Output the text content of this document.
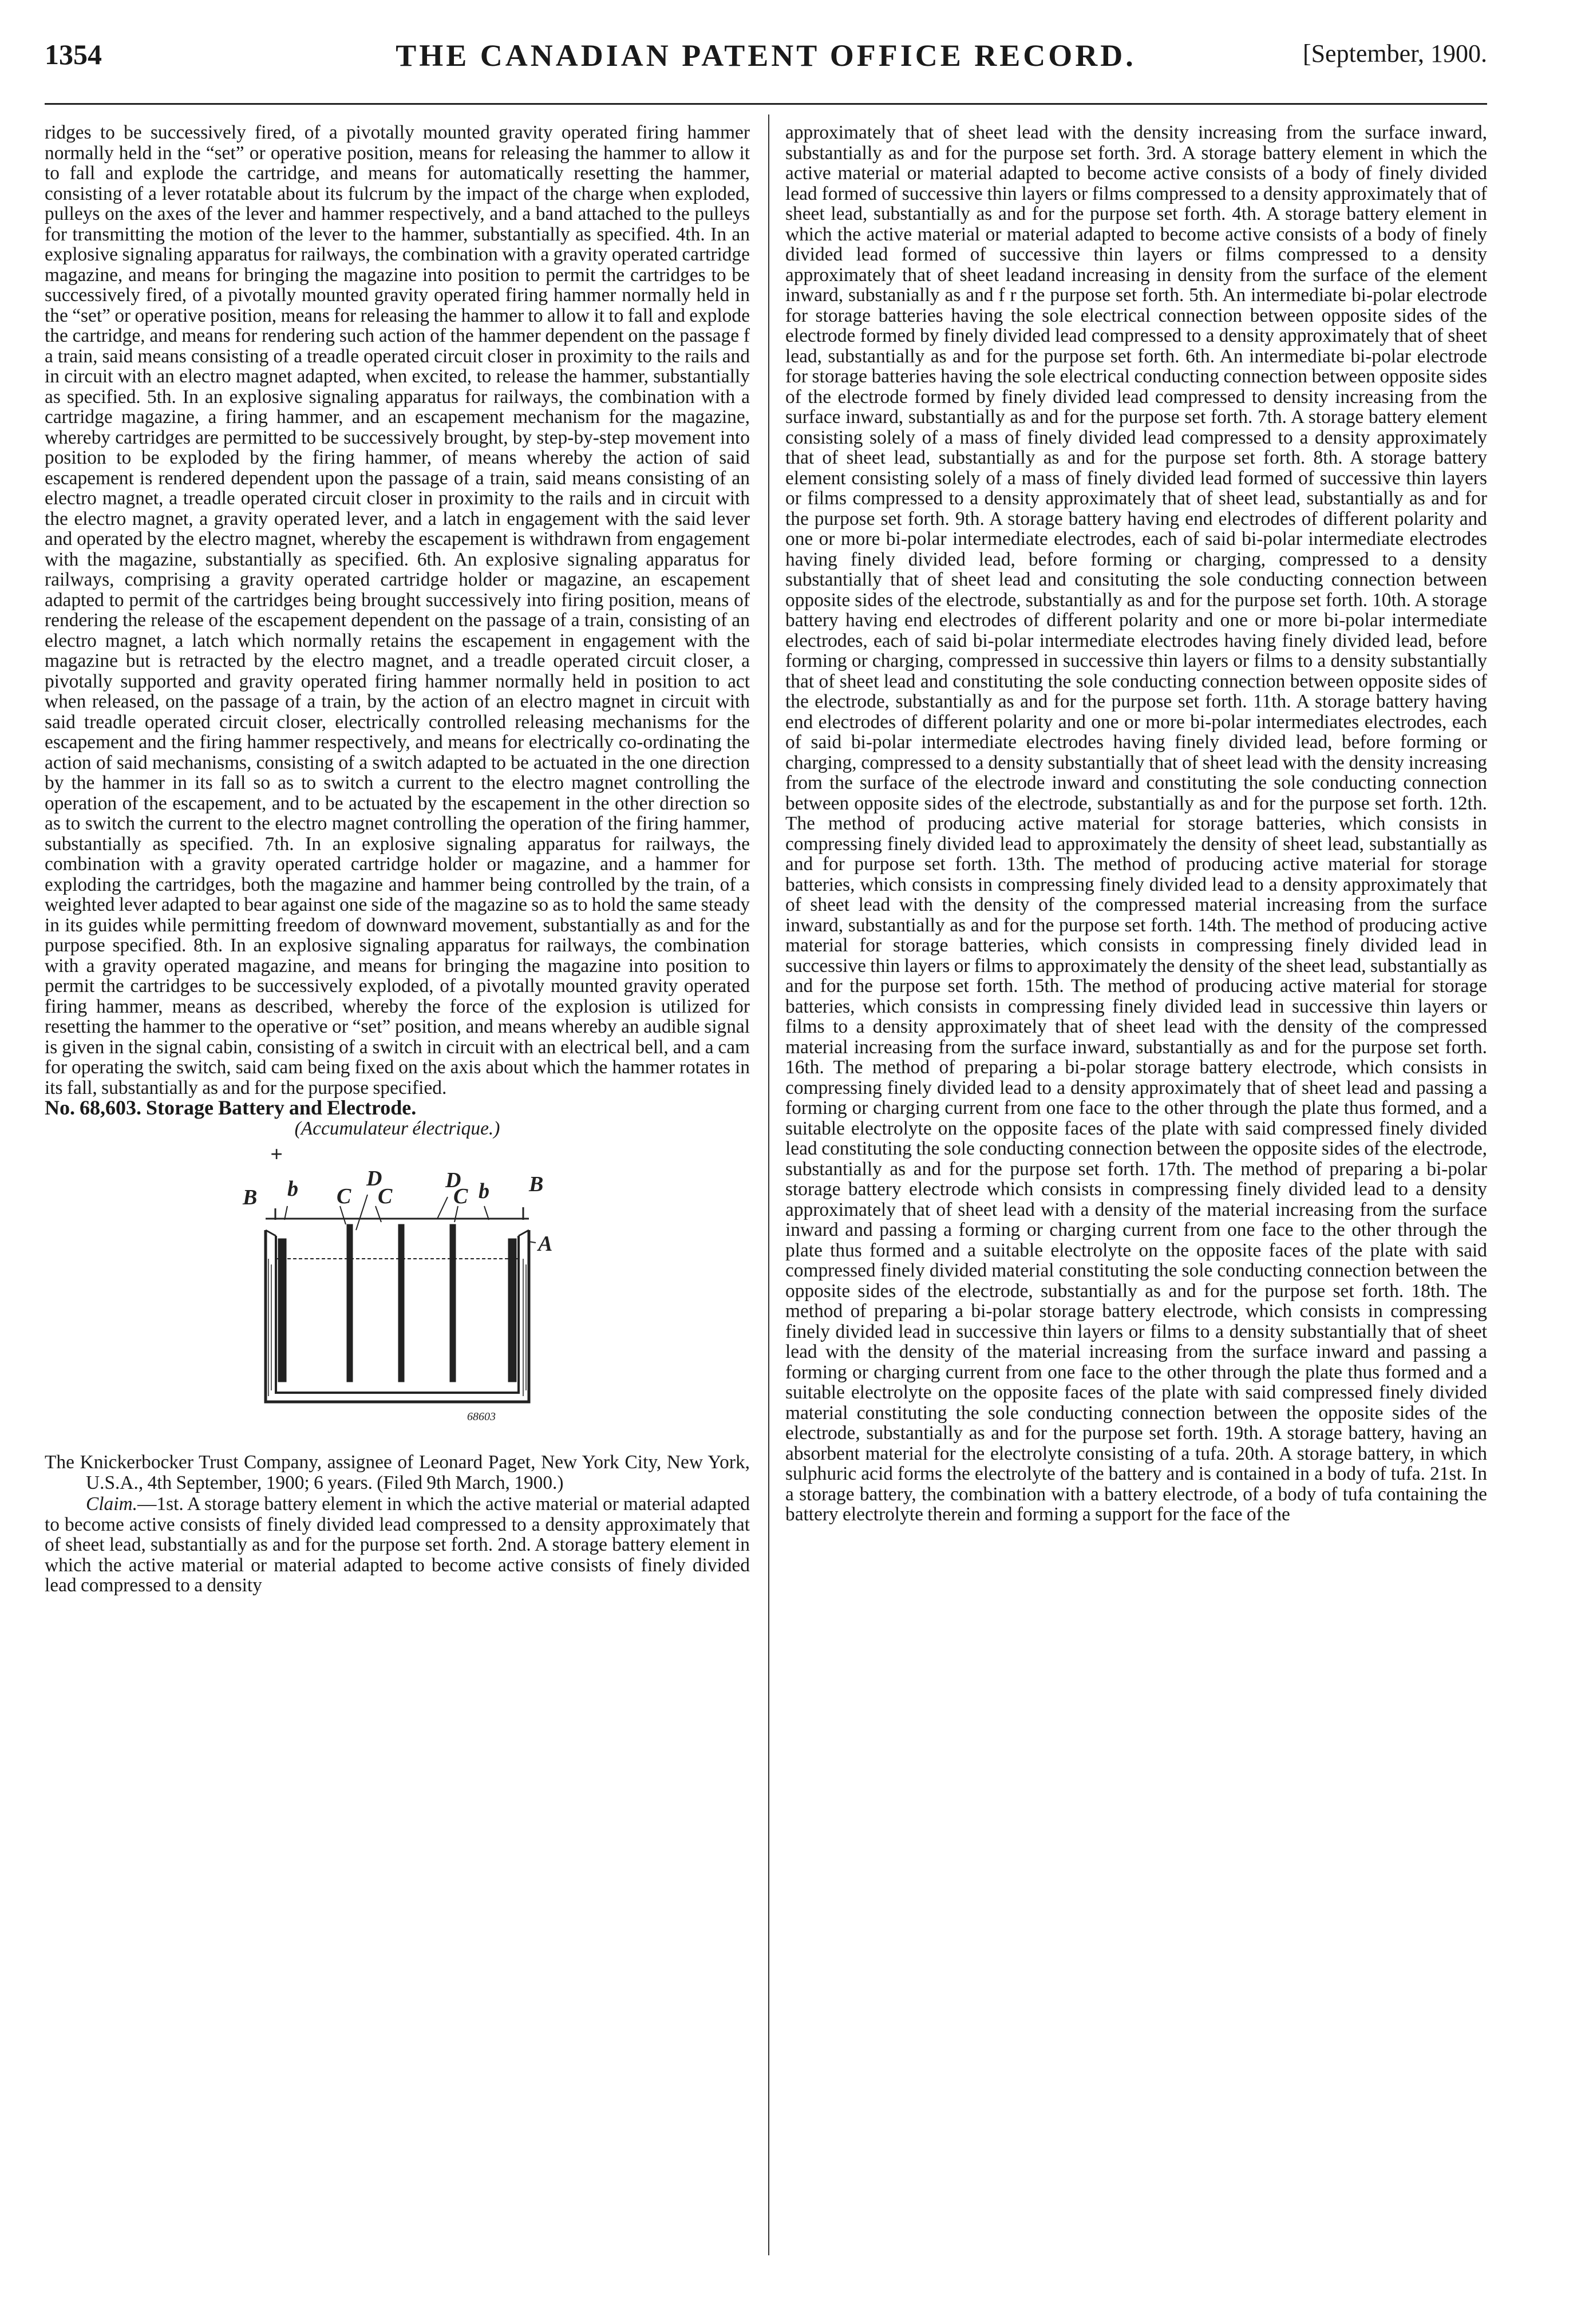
1354	THE CANADIAN PATENT OFFICE RECORD.	[September, 1900.

ridges to be successively fired, of a pivotally mounted gravity operated firing hammer normally held in the “set” or operative position, means for releasing the hammer to allow it to fall and explode the cartridge, and means for automatically resetting the hammer, consisting of a lever rotatable about its fulcrum by the impact of the charge when exploded, pulleys on the axes of the lever and hammer respectively, and a band attached to the pulleys for transmitting the motion of the lever to the hammer, substantially as specified. 4th. In an explosive signaling apparatus for railways, the combination with a gravity operated cartridge magazine, and means for bringing the magazine into position to permit the cartridges to be successively fired, of a pivotally mounted gravity operated firing hammer normally held in the “set” or operative position, means for releasing the hammer to allow it to fall and explode the cartridge, and means for rendering such action of the hammer dependent on the passage f a train, said means consisting of a treadle operated circuit closer in proximity to the rails and in circuit with an electro magnet adapted, when excited, to release the hammer, substantially as specified. 5th. In an explosive signaling apparatus for railways, the combination with a cartridge magazine, a firing hammer, and an escapement mechanism for the magazine, whereby cartridges are permitted to be successively brought, by step-by-step movement into position to be exploded by the firing hammer, of means whereby the action of said escapement is rendered dependent upon the passage of a train, said means consisting of an electro magnet, a treadle operated circuit closer in proximity to the rails and in circuit with the electro magnet, a gravity operated lever, and a latch in engagement with the said lever and operated by the electro magnet, whereby the escapement is withdrawn from engagement with the magazine, substantially as specified. 6th. An explosive signaling apparatus for railways, comprising a gravity operated cartridge holder or magazine, an escapement adapted to permit of the cartridges being brought successively into firing position, means of rendering the release of the escapement dependent on the passage of a train, consisting of an electro magnet, a latch which normally retains the escapement in engagement with the magazine but is retracted by the electro magnet, and a treadle operated circuit closer, a pivotally supported and gravity operated firing hammer normally held in position to act when released, on the passage of a train, by the action of an electro magnet in circuit with said treadle operated circuit closer, electrically controlled releasing mechanisms for the escapement and the firing hammer respectively, and means for electrically co-ordinating the action of said mechanisms, consisting of a switch adapted to be actuated in the one direction by the hammer in its fall so as to switch a current to the electro magnet controlling the operation of the escapement, and to be actuated by the escapement in the other direction so as to switch the current to the electro magnet controlling the operation of the firing hammer, substantially as specified. 7th. In an explosive signaling apparatus for railways, the combination with a gravity operated cartridge holder or magazine, and a hammer for exploding the cartridges, both the magazine and hammer being controlled by the train, of a weighted lever adapted to bear against one side of the magazine so as to hold the same steady in its guides while permitting freedom of downward movement, substantially as and for the purpose specified. 8th. In an explosive signaling apparatus for railways, the combination with a gravity operated magazine, and means for bringing the magazine into position to permit the cartridges to be successively exploded, of a pivotally mounted gravity operated firing hammer, means as described, whereby the force of the explosion is utilized for resetting the hammer to the operative or “set” position, and means whereby an audible signal is given in the signal cabin, consisting of a switch in circuit with an electrical bell, and a cam for operating the switch, said cam being fixed on the axis about which the hammer rotates in its fall, substantially as and for the purpose specified.

No. 68,603. Storage Battery and Electrode.

(Accumulateur électrique.)

+
B b C
D
C
D
C b B
A
68603

The Knickerbocker Trust Company, assignee of Leonard Paget, New York City, New York, U.S.A., 4th September, 1900; 6 years. (Filed 9th March, 1900.)

Claim.—1st. A storage battery element in which the active material or material adapted to become active consists of finely divided lead compressed to a density approximately that of sheet lead, substantially as and for the purpose set forth. 2nd. A storage battery element in which the active material or material adapted to become active consists of finely divided lead compressed to a density

approximately that of sheet lead with the density increasing from the surface inward, substantially as and for the purpose set forth. 3rd. A storage battery element in which the active material or material adapted to become active consists of a body of finely divided lead formed of successive thin layers or films compressed to a density approximately that of sheet lead, substantially as and for the purpose set forth. 4th. A storage battery element in which the active material or material adapted to become active consists of a body of finely divided lead formed of successive thin layers or films compressed to a density approximately that of sheet leadand increasing in density from the surface of the element inward, substanially as and f r the purpose set forth. 5th. An intermediate bi-polar electrode for storage batteries having the sole electrical connection between opposite sides of the electrode formed by finely divided lead compressed to a density approximately that of sheet lead, substantially as and for the purpose set forth. 6th. An intermediate bi-polar electrode for storage batteries having the sole electrical conducting connection between opposite sides of the electrode formed by finely divided lead compressed to density increasing from the surface inward, substantially as and for the purpose set forth. 7th. A storage battery element consisting solely of a mass of finely divided lead compressed to a density approximately that of sheet lead, substantially as and for the purpose set forth. 8th. A storage battery element consisting solely of a mass of finely divided lead formed of successive thin layers or films compressed to a density approximately that of sheet lead, substantially as and for the purpose set forth. 9th. A storage battery having end electrodes of different polarity and one or more bi-polar intermediate electrodes, each of said bi-polar intermediate electrodes having finely divided lead, before forming or charging, compressed to a density substantially that of sheet lead and consituting the sole conducting connection between opposite sides of the electrode, substantially as and for the purpose set forth. 10th. A storage battery having end electrodes of different polarity and one or more bi-polar intermediate electrodes, each of said bi-polar intermediate electrodes having finely divided lead, before forming or charging, compressed in successive thin layers or films to a density substantially that of sheet lead and constituting the sole conducting connection between opposite sides of the electrode, substantially as and for the purpose set forth. 11th. A storage battery having end electrodes of different polarity and one or more bi-polar intermediates electrodes, each of said bi-polar intermediate electrodes having finely divided lead, before forming or charging, compressed to a density substantially that of sheet lead with the density increasing from the surface of the electrode inward and constituting the sole conducting connection between opposite sides of the electrode, substantially as and for the purpose set forth. 12th. The method of producing active material for storage batteries, which consists in compressing finely divided lead to approximately the density of sheet lead, substantially as and for purpose set forth. 13th. The method of producing active material for storage batteries, which consists in compressing finely divided lead to a density approximately that of sheet lead with the density of the compressed material increasing from the surface inward, substantially as and for the purpose set forth. 14th. The method of producing active material for storage batteries, which consists in compressing finely divided lead in successive thin layers or films to approximately the density of the sheet lead, substantially as and for the purpose set forth. 15th. The method of producing active material for storage batteries, which consists in compressing finely divided lead in successive thin layers or films to a density approximately that of sheet lead with the density of the compressed material increasing from the surface inward, substantially as and for the purpose set forth. 16th. The method of preparing a bi-polar storage battery electrode, which consists in compressing finely divided lead to a density approximately that of sheet lead and passing a forming or charging current from one face to the other through the plate thus formed, and a suitable electrolyte on the opposite faces of the plate with said compressed finely divided lead constituting the sole conducting connection between the opposite sides of the electrode, substantially as and for the purpose set forth. 17th. The method of preparing a bi-polar storage battery electrode which consists in compressing finely divided lead to a density approximately that of sheet lead with a density of the material increasing from the surface inward and passing a forming or charging current from one face to the other through the plate thus formed and a suitable electrolyte on the opposite faces of the plate with said compressed finely divided material constituting the sole conducting connection between the opposite sides of the electrode, substantially as and for the purpose set forth. 18th. The method of preparing a bi-polar storage battery electrode, which consists in compressing finely divided lead in successive thin layers or films to a density substantially that of sheet lead with the density of the material increasing from the surface inward and passing a forming or charging current from one face to the other through the plate thus formed and a suitable electrolyte on the opposite faces of the plate with said compressed finely divided material constituting the sole conducting connection between the opposite sides of the electrode, substantially as and for the purpose set forth. 19th. A storage battery, having an absorbent material for the electrolyte consisting of a tufa. 20th. A storage battery, in which sulphuric acid forms the electrolyte of the battery and is contained in a body of tufa. 21st. In a storage battery, the combination with a battery electrode, of a body of tufa containing the battery electrolyte therein and forming a support for the face of the
